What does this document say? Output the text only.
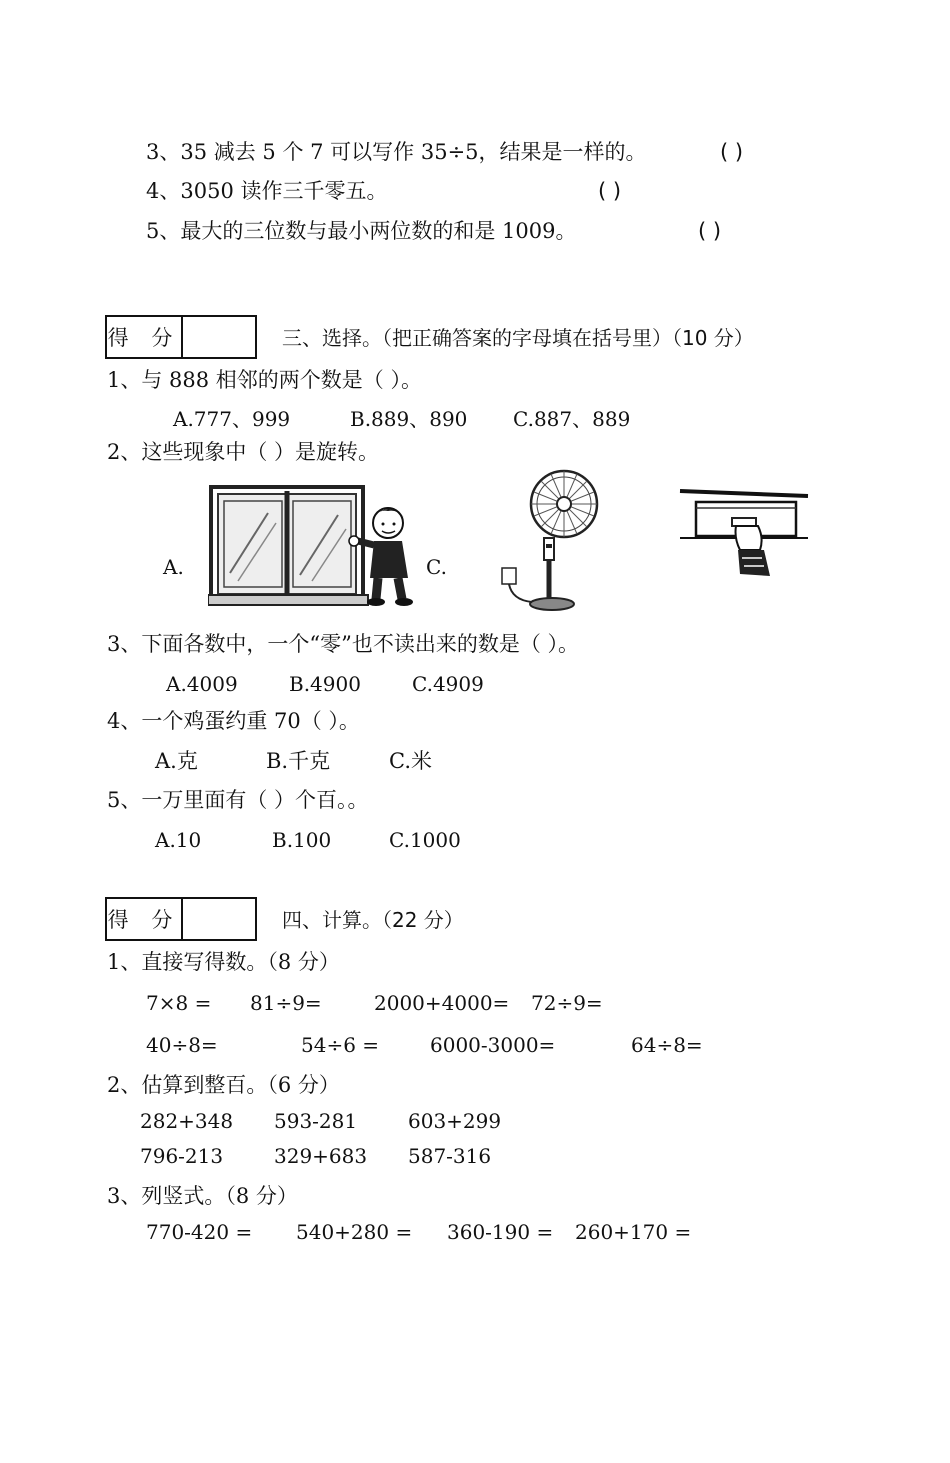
3、35 减去 5 个 7 可以写作 35÷5，结果是一样的。	( )
4、3050 读作三千零五。	( )
5、最大的三位数与最小两位数的和是 1009。	( )
得 分	三、选择。（把正确答案的字母填在括号里）（10 分）
1、与 888 相邻的两个数是（ ）。
A.777、999	B.889、890 C.887、889
2、这些现象中（ ）是旋转。
A.	C.
3、下面各数中，一个“零”也不读出来的数是（ ）。
A.4009	B.4900	C.4909
4、一个鸡蛋约重 70（ ）。
A.克	B.千克	C.米
5、一万里面有（ ）个百。。
A.10	B.100	C.1000
得 分	四、计算。（22 分）
1、直接写得数。（8 分）
7×8 = 81÷9=	2000+4000= 72÷9=
40÷8=	54÷6 =	6000-3000=	64÷8=
2、估算到整百。（6 分）
282+348 593-281	603+299
796-213	329+683 587-316
3、列竖式。（8 分）
770-420 = 540+280 = 360-190 = 260+170 =
